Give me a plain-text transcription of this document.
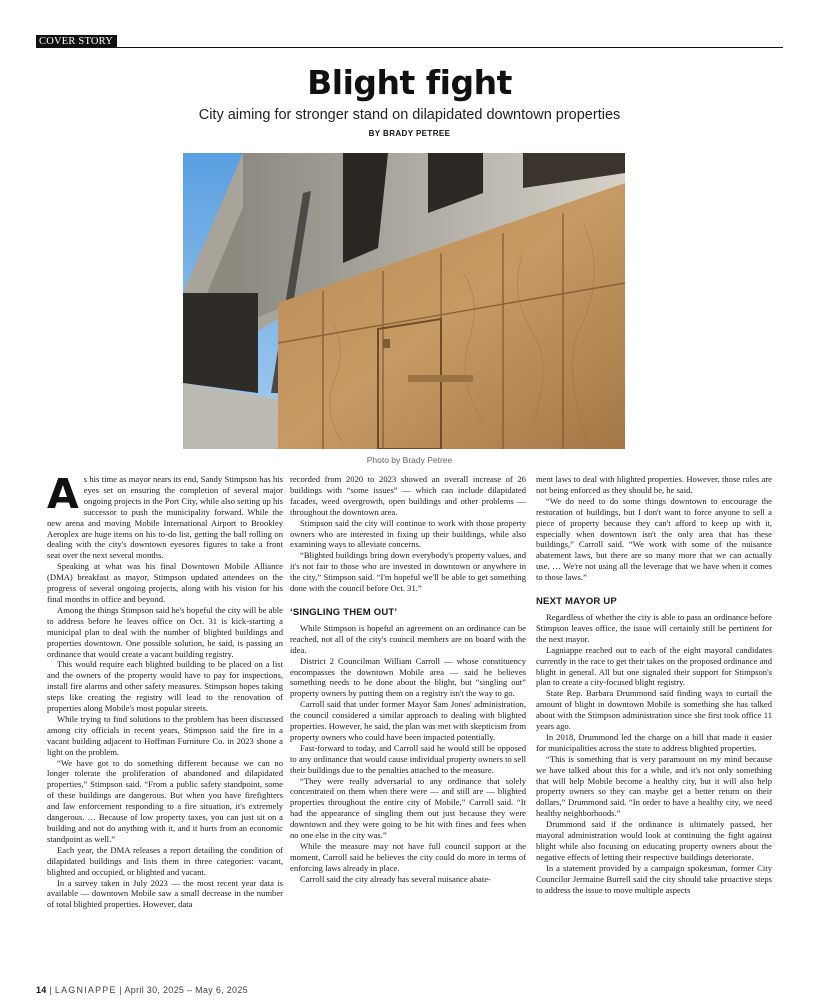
COVER STORY
Blight fight
City aiming for stronger stand on dilapidated downtown properties
BY BRADY PETREE
Photo by Brady Petree

As his time as mayor nears its end, Sandy Stimpson has his eyes set on ensuring the completion of several major ongoing projects in the Port City, while also setting up his successor to push the municipality forward. While the new arena and moving Mobile International Airport to Brookley Aeroplex are huge items on his to-do list, getting the ball rolling on dealing with the city's downtown eyesores figures to take a front seat over the next several months.

Speaking at what was his final Downtown Mobile Alliance (DMA) breakfast as mayor, Stimpson updated attendees on the progress of several ongoing projects, along with his vision for his final months in office and beyond.

Among the things Stimpson said he's hopeful the city will be able to address before he leaves office on Oct. 31 is kick-starting a municipal plan to deal with the number of blighted buildings and properties downtown. One possible solution, he said, is passing an ordinance that would create a vacant building registry.

This would require each blighted building to be placed on a list and the owners of the property would have to pay for inspections, install fire alarms and other safety measures. Stimpson hopes taking steps like creating the registry will lead to the renovation of properties along Mobile's most popular streets.

While trying to find solutions to the problem has been discussed among city officials in recent years, Stimpson said the fire in a vacant building adjacent to Hoffman Furniture Co. in 2023 shone a light on the problem.

“We have got to do something different because we can no longer tolerate the proliferation of abandoned and dilapidated properties,” Stimpson said. “From a public safety standpoint, some of these buildings are dangerous. But when you have firefighters and law enforcement responding to a fire situation, it's extremely dangerous. … Because of low property taxes, you can just sit on a building and not do anything with it, and it hurts from an economic standpoint as well.”

Each year, the DMA releases a report detailing the condition of dilapidated buildings and lists them in three categories: vacant, blighted and occupied, or blighted and vacant.

In a survey taken in July 2023 — the most recent year data is available — downtown Mobile saw a small decrease in the number of total blighted properties. However, data

recorded from 2020 to 2023 showed an overall increase of 26 buildings with “some issues” — which can include dilapidated facades, weed overgrowth, open buildings and other problems — throughout the downtown area.

Stimpson said the city will continue to work with those property owners who are interested in fixing up their buildings, while also examining ways to alleviate concerns.

“Blighted buildings bring down everybody's property values, and it's not fair to those who are invested in downtown or anywhere in the city,” Stimpson said. “I'm hopeful we'll be able to get something done with the council before Oct. 31.”

‘SINGLING THEM OUT’

While Stimpson is hopeful an agreement on an ordinance can be reached, not all of the city's council members are on board with the idea.

District 2 Councilman William Carroll — whose constituency encompasses the downtown Mobile area — said he believes something needs to be done about the blight, but “singling out” property owners by putting them on a registry isn't the way to go.

Carroll said that under former Mayor Sam Jones' administration, the council considered a similar approach to dealing with blighted properties. However, he said, the plan was met with skepticism from property owners who could have been impacted potentially.

Fast-forward to today, and Carroll said he would still be opposed to any ordinance that would cause individual property owners to sell their buildings due to the penalties attached to the measure.

“They were really adversarial to any ordinance that solely concentrated on them when there were — and still are — blighted properties throughout the entire city of Mobile,” Carroll said. “It had the appearance of singling them out just because they were downtown and they were going to be hit with fines and fees when no one else in the city was.”

While the measure may not have full council support at the moment, Carroll said he believes the city could do more in terms of enforcing laws already in place.

Carroll said the city already has several nuisance abate-

ment laws to deal with blighted properties. However, those rules are not being enforced as they should be, he said.

“We do need to do some things downtown to encourage the restoration of buildings, but I don't want to force anyone to sell a piece of property because they can't afford to keep up with it, especially when downtown isn't the only area that has these buildings,” Carroll said. “We work with some of the nuisance abatement laws, but there are so many more that we can actually use. … We're not using all the leverage that we have when it comes to those laws.”

NEXT MAYOR UP

Regardless of whether the city is able to pass an ordinance before Stimpson leaves office, the issue will certainly still be pertinent for the next mayor.

Lagniappe reached out to each of the eight mayoral candidates currently in the race to get their takes on the proposed ordinance and blight in general. All but one signaled their support for Stimpson's plan to create a city-focused blight registry.

State Rep. Barbara Drummond said finding ways to curtail the amount of blight in downtown Mobile is something she has talked about with the Stimpson administration since she first took office 11 years ago.

In 2018, Drummond led the charge on a bill that made it easier for municipalities across the state to address blighted properties.

“This is something that is very paramount on my mind because we have talked about this for a while, and it's not only something that will help Mobile become a healthy city, but it will also help property owners so they can maybe get a better return on their dollars,” Drummond said. “In order to have a healthy city, we need healthy neighborhoods.”

Drummond said if the ordinance is ultimately passed, her mayoral administration would look at continuing the fight against blight while also focusing on educating property owners about the negative effects of letting their respective buildings deteriorate.

In a statement provided by a campaign spokesman, former City Councilor Jermaine Burrell said the city should take proactive steps to address the issue to move multiple aspects

14 | LAGNIAPPE | April 30, 2025 – May 6, 2025
